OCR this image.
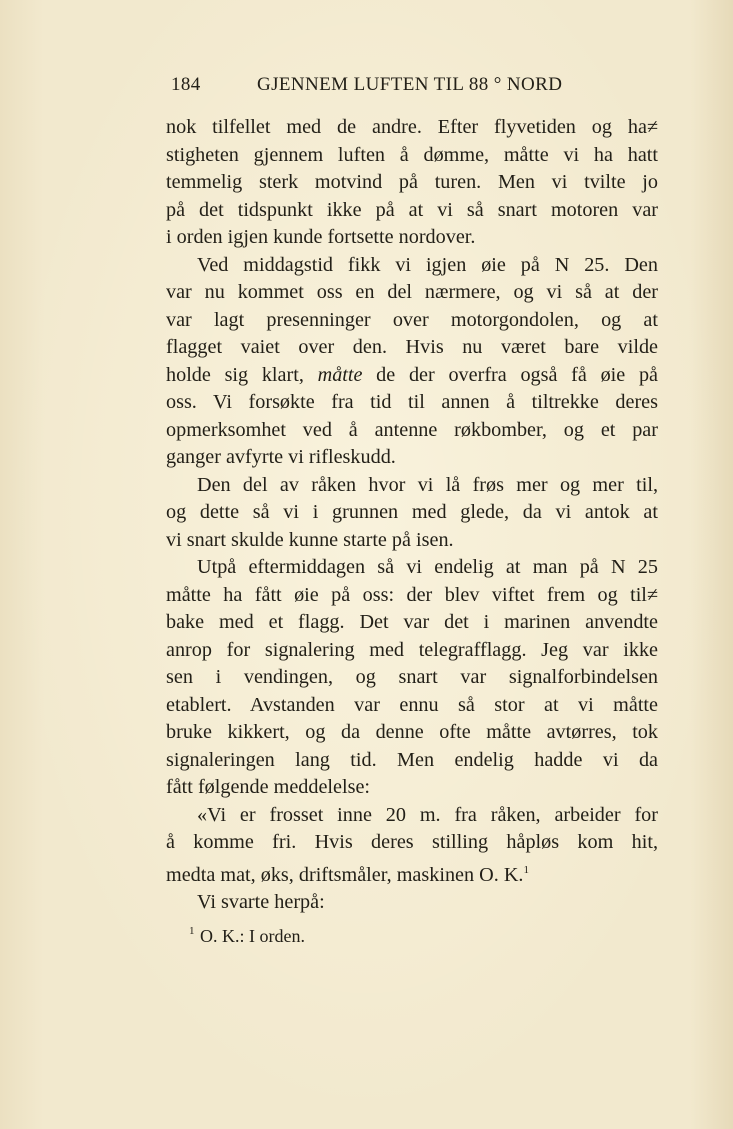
184	GJENNEM LUFTEN TIL 88 ° NORD

nok tilfellet med de andre. Efter flyvetiden og ha≠

stigheten gjennem luften å dømme, måtte vi ha hatt

temmelig sterk motvind på turen. Men vi tvilte jo

på det tidspunkt ikke på at vi så snart motoren var

i orden igjen kunde fortsette nordover.

Ved middagstid fikk vi igjen øie på N 25. Den

var nu kommet oss en del nærmere, og vi så at der

var lagt presenninger over motorgondolen, og at

flagget vaiet over den. Hvis nu været bare vilde

holde sig klart, måtte de der overfra også få øie på

oss. Vi forsøkte fra tid til annen å tiltrekke deres

opmerksomhet ved å antenne røkbomber, og et par

ganger avfyrte vi rifleskudd.

Den del av råken hvor vi lå frøs mer og mer til,

og dette så vi i grunnen med glede, da vi antok at

vi snart skulde kunne starte på isen.

Utpå eftermiddagen så vi endelig at man på N 25

måtte ha fått øie på oss: der blev viftet frem og til≠

bake med et flagg. Det var det i marinen anvendte

anrop for signalering med telegrafflagg. Jeg var ikke

sen i vendingen, og snart var signalforbindelsen

etablert. Avstanden var ennu så stor at vi måtte

bruke kikkert, og da denne ofte måtte avtørres, tok

signaleringen lang tid. Men endelig hadde vi da

fått følgende meddelelse:

«Vi er frosset inne 20 m. fra råken, arbeider for

å komme fri. Hvis deres stilling håpløs kom hit,

medta mat, øks, driftsmåler, maskinen O. K.$^1$

Vi svarte herpå:

$^1$ O. K.: I orden.
